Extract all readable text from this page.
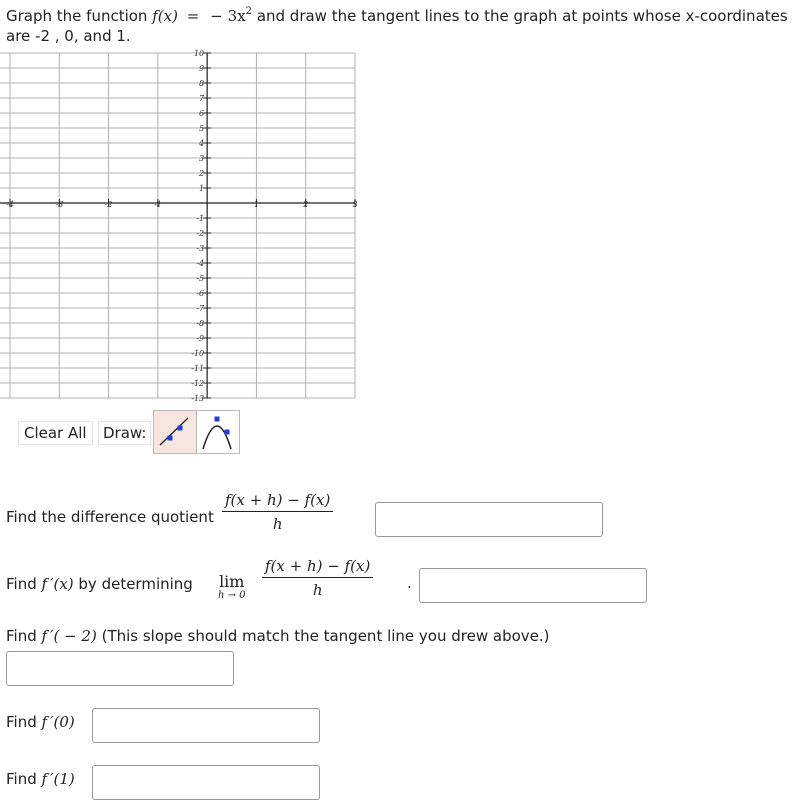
Graph the function f(x) = − $3x^2$ and draw the tangent lines to the graph at points whose x-coordinates
are -2 , 0, and 1.
-4	-3	-2	-1	1	2	3
10
9
8
7
6
5
4
3
2
1
-1
-2
-3
-4
-5
-6
-7
-8
-9
-10
-11
-12
-13
Clear All	Draw:
Find the difference quotient $\frac{f(x + h) - f(x)}{h}$
Find f ′(x) by determining lim
$h \to 0 \frac{f(x + h) - f(x)}{h}$ .
Find f ′( − 2) (This slope should match the tangent line you drew above.)
Find f ′(0)
Find f ′(1)
